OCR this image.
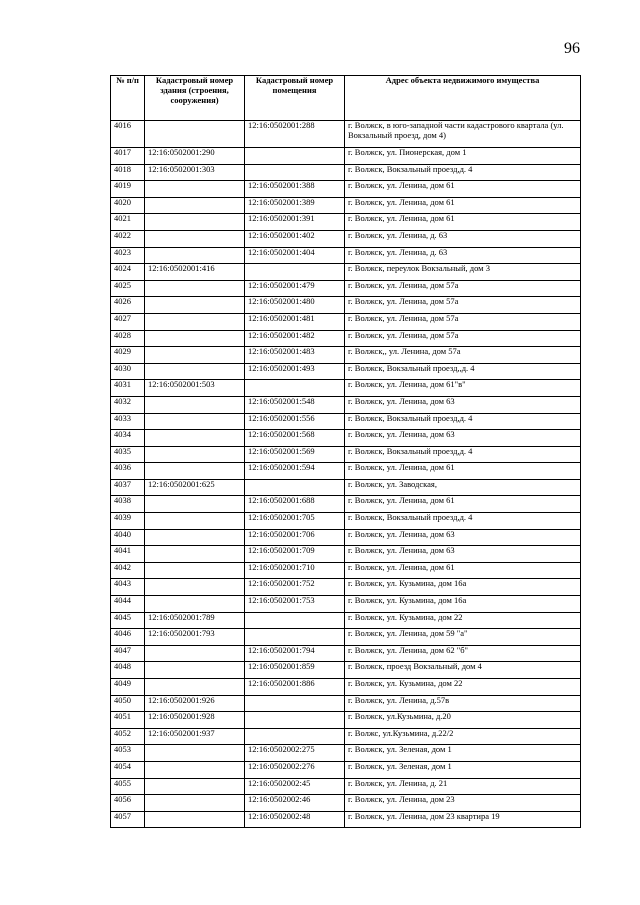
96
№ п/п	Кадастровый номер здания (строения, сооружения)	Кадастровый номер помещения	Адрес объекта недвижимого имущества
4016		12:16:0502001:288	г. Волжск, в юго-западной части кадастрового квартала (ул. Вокзальный проезд, дом 4)
4017	12:16:0502001:290		г. Волжск, ул. Пионерская, дом 1
4018	12:16:0502001:303		г. Волжск, Вокзальный проезд,д. 4
4019		12:16:0502001:388	г. Волжск, ул. Ленина, дом 61
4020		12:16:0502001:389	г. Волжск, ул. Ленина, дом 61
4021		12:16:0502001:391	г. Волжск, ул. Ленина, дом 61
4022		12:16:0502001:402	г. Волжск, ул. Ленина, д. 63
4023		12:16:0502001:404	г. Волжск, ул. Ленина, д. 63
4024	12:16:0502001:416		г. Волжск, переулок Вокзальный, дом 3
4025		12:16:0502001:479	г. Волжск, ул. Ленина, дом 57а
4026		12:16:0502001:480	г. Волжск, ул. Ленина, дом 57а
4027		12:16:0502001:481	г. Волжск, ул. Ленина, дом 57а
4028		12:16:0502001:482	г. Волжск, ул. Ленина, дом 57а
4029		12:16:0502001:483	г. Волжск,, ул. Ленина, дом 57а
4030		12:16:0502001:493	г. Волжск, Вокзальный проезд,,д. 4
4031	12:16:0502001:503		г. Волжск, ул. Ленина, дом 61"в"
4032		12:16:0502001:548	г. Волжск, ул. Ленина, дом 63
4033		12:16:0502001:556	г. Волжск, Вокзальный проезд,д. 4
4034		12:16:0502001:568	г. Волжск, ул. Ленина, дом 63
4035		12:16:0502001:569	г. Волжск, Вокзальный проезд,д. 4
4036		12:16:0502001:594	г. Волжск, ул. Ленина, дом 61
4037	12:16:0502001:625		г. Волжск, ул. Заводская,
4038		12:16:0502001:688	г. Волжск, ул. Ленина, дом 61
4039		12:16:0502001:705	г. Волжск, Вокзальный проезд,д. 4
4040		12:16:0502001:706	г. Волжск, ул. Ленина, дом 63
4041		12:16:0502001:709	г. Волжск, ул. Ленина, дом 63
4042		12:16:0502001:710	г. Волжск, ул. Ленина, дом 61
4043		12:16:0502001:752	г. Волжск, ул. Кузьмина, дом 16а
4044		12:16:0502001:753	г. Волжск, ул. Кузьмина, дом 16а
4045	12:16:0502001:789		г. Волжск, ул. Кузьмина, дом 22
4046	12:16:0502001:793		г. Волжск, ул. Ленина, дом 59 "а"
4047		12:16:0502001:794	г. Волжск, ул. Ленина, дом 62 "б"
4048		12:16:0502001:859	г. Волжск, проезд Вокзальный, дом 4
4049		12:16:0502001:886	г. Волжск, ул. Кузьмина, дом 22
4050	12:16:0502001:926		г. Волжск, ул. Ленина, д.57в
4051	12:16:0502001:928		г. Волжск, ул.Кузьмина, д.20
4052	12:16:0502001:937		г. Волжс, ул.Кузьмина, д.22/2
4053		12:16:0502002:275	г. Волжск, ул. Зеленая, дом 1
4054		12:16:0502002:276	г. Волжск, ул. Зеленая, дом 1
4055		12:16:0502002:45	г. Волжск, ул. Ленина, д. 21
4056		12:16:0502002:46	г. Волжск, ул. Ленина, дом 23
4057		12:16:0502002:48	г. Волжск, ул. Ленина, дом 23 квартира 19
